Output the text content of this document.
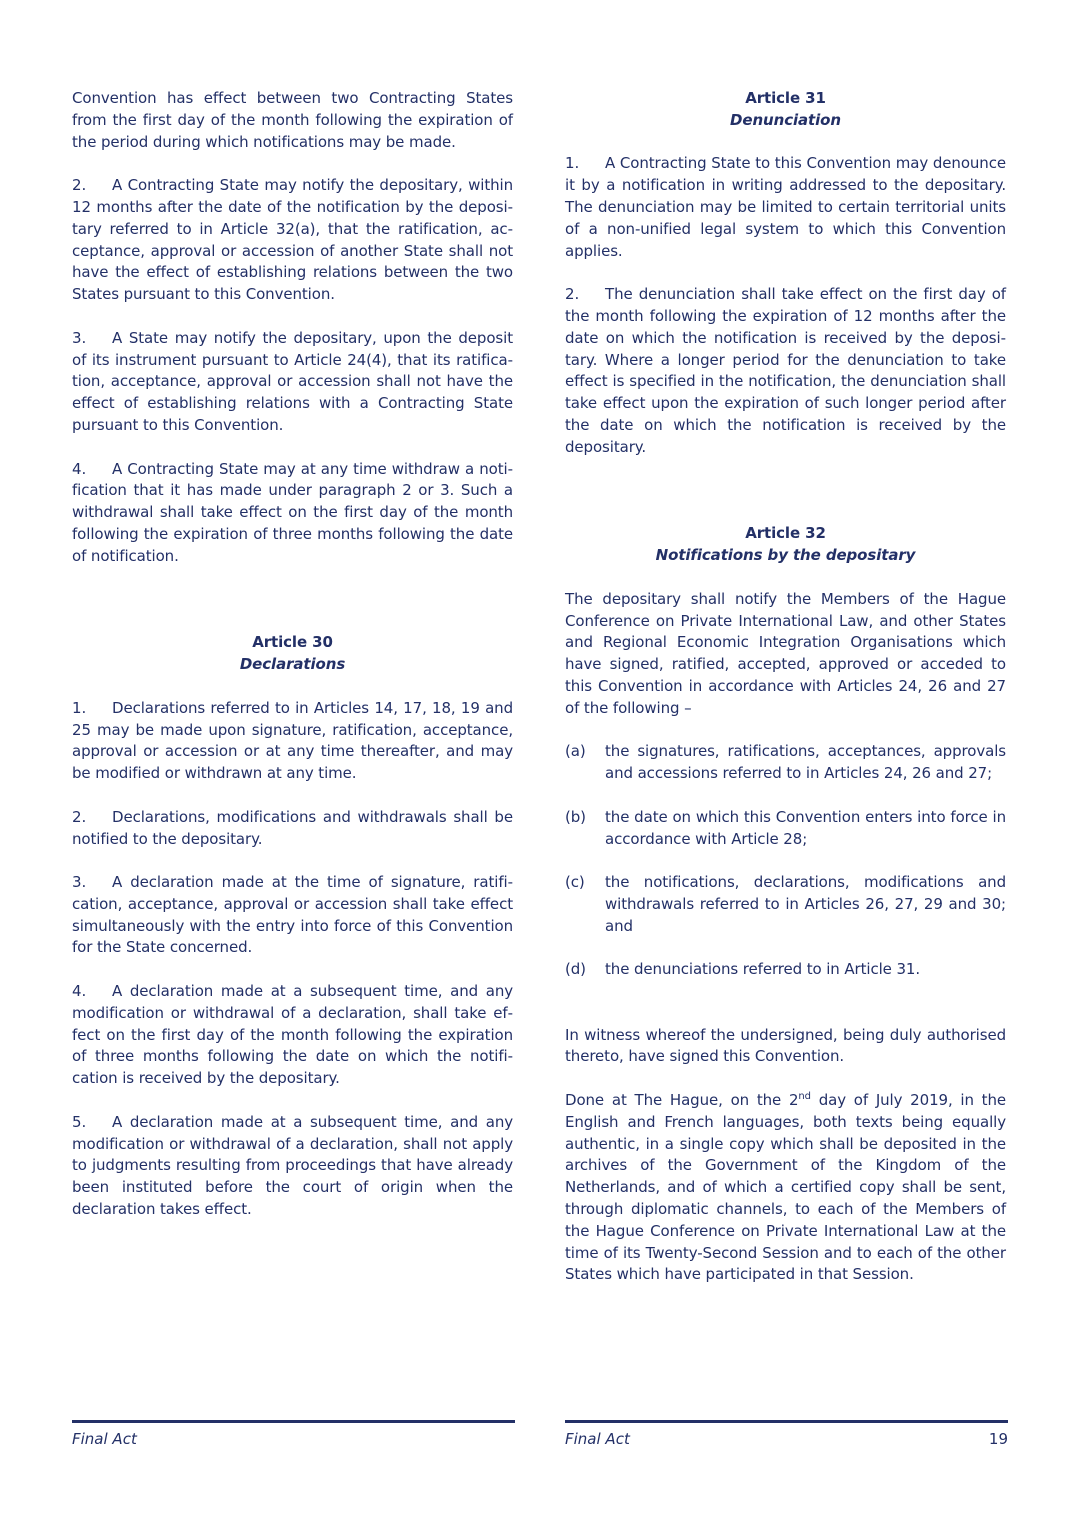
Convention has effect between two Contracting States from the first day of the month following the expiration of the period during which notifications may be made.

2. A Contracting State may notify the depositary, within 12 months after the date of the notification by the depositary referred to in Article 32(a), that the ratification, acceptance, approval or accession of another State shall not have the effect of establishing relations between the two States pursuant to this Convention.

3. A State may notify the depositary, upon the deposit of its instrument pursuant to Article 24(4), that its ratification, acceptance, approval or accession shall not have the effect of establishing relations with a Contracting State pursuant to this Convention.

4. A Contracting State may at any time withdraw a notification that it has made under paragraph 2 or 3. Such a withdrawal shall take effect on the first day of the month following the expiration of three months following the date of notification.

Article 30
Declarations

1. Declarations referred to in Articles 14, 17, 18, 19 and 25 may be made upon signature, ratification, acceptance, approval or accession or at any time thereafter, and may be modified or withdrawn at any time.

2. Declarations, modifications and withdrawals shall be notified to the depositary.

3. A declaration made at the time of signature, ratification, acceptance, approval or accession shall take effect simultaneously with the entry into force of this Convention for the State concerned.

4. A declaration made at a subsequent time, and any modification or withdrawal of a declaration, shall take effect on the first day of the month following the expiration of three months following the date on which the notification is received by the depositary.

5. A declaration made at a subsequent time, and any modification or withdrawal of a declaration, shall not apply to judgments resulting from proceedings that have already been instituted before the court of origin when the declaration takes effect.

Article 31
Denunciation

1. A Contracting State to this Convention may denounce it by a notification in writing addressed to the depositary. The denunciation may be limited to certain territorial units of a non-unified legal system to which this Convention applies.

2. The denunciation shall take effect on the first day of the month following the expiration of 12 months after the date on which the notification is received by the depositary. Where a longer period for the denunciation to take effect is specified in the notification, the denunciation shall take effect upon the expiration of such longer period after the date on which the notification is received by the depositary.

Article 32
Notifications by the depositary

The depositary shall notify the Members of the Hague Conference on Private International Law, and other States and Regional Economic Integration Organisations which have signed, ratified, accepted, approved or acceded to this Convention in accordance with Articles 24, 26 and 27 of the following –

(a)	the signatures, ratifications, acceptances, approvals and accessions referred to in Articles 24, 26 and 27;
(b)	the date on which this Convention enters into force in accordance with Article 28;
(c)	the notifications, declarations, modifications and withdrawals referred to in Articles 26, 27, 29 and 30; and
(d)	the denunciations referred to in Article 31.

In witness whereof the undersigned, being duly authorised thereto, have signed this Convention.

Done at The Hague, on the 2nd day of July 2019, in the English and French languages, both texts being equally authentic, in a single copy which shall be deposited in the archives of the Government of the Kingdom of the Netherlands, and of which a certified copy shall be sent, through diplomatic channels, to each of the Members of the Hague Conference on Private International Law at the time of its Twenty-Second Session and to each of the other States which have participated in that Session.

Final Act	Final Act	19
